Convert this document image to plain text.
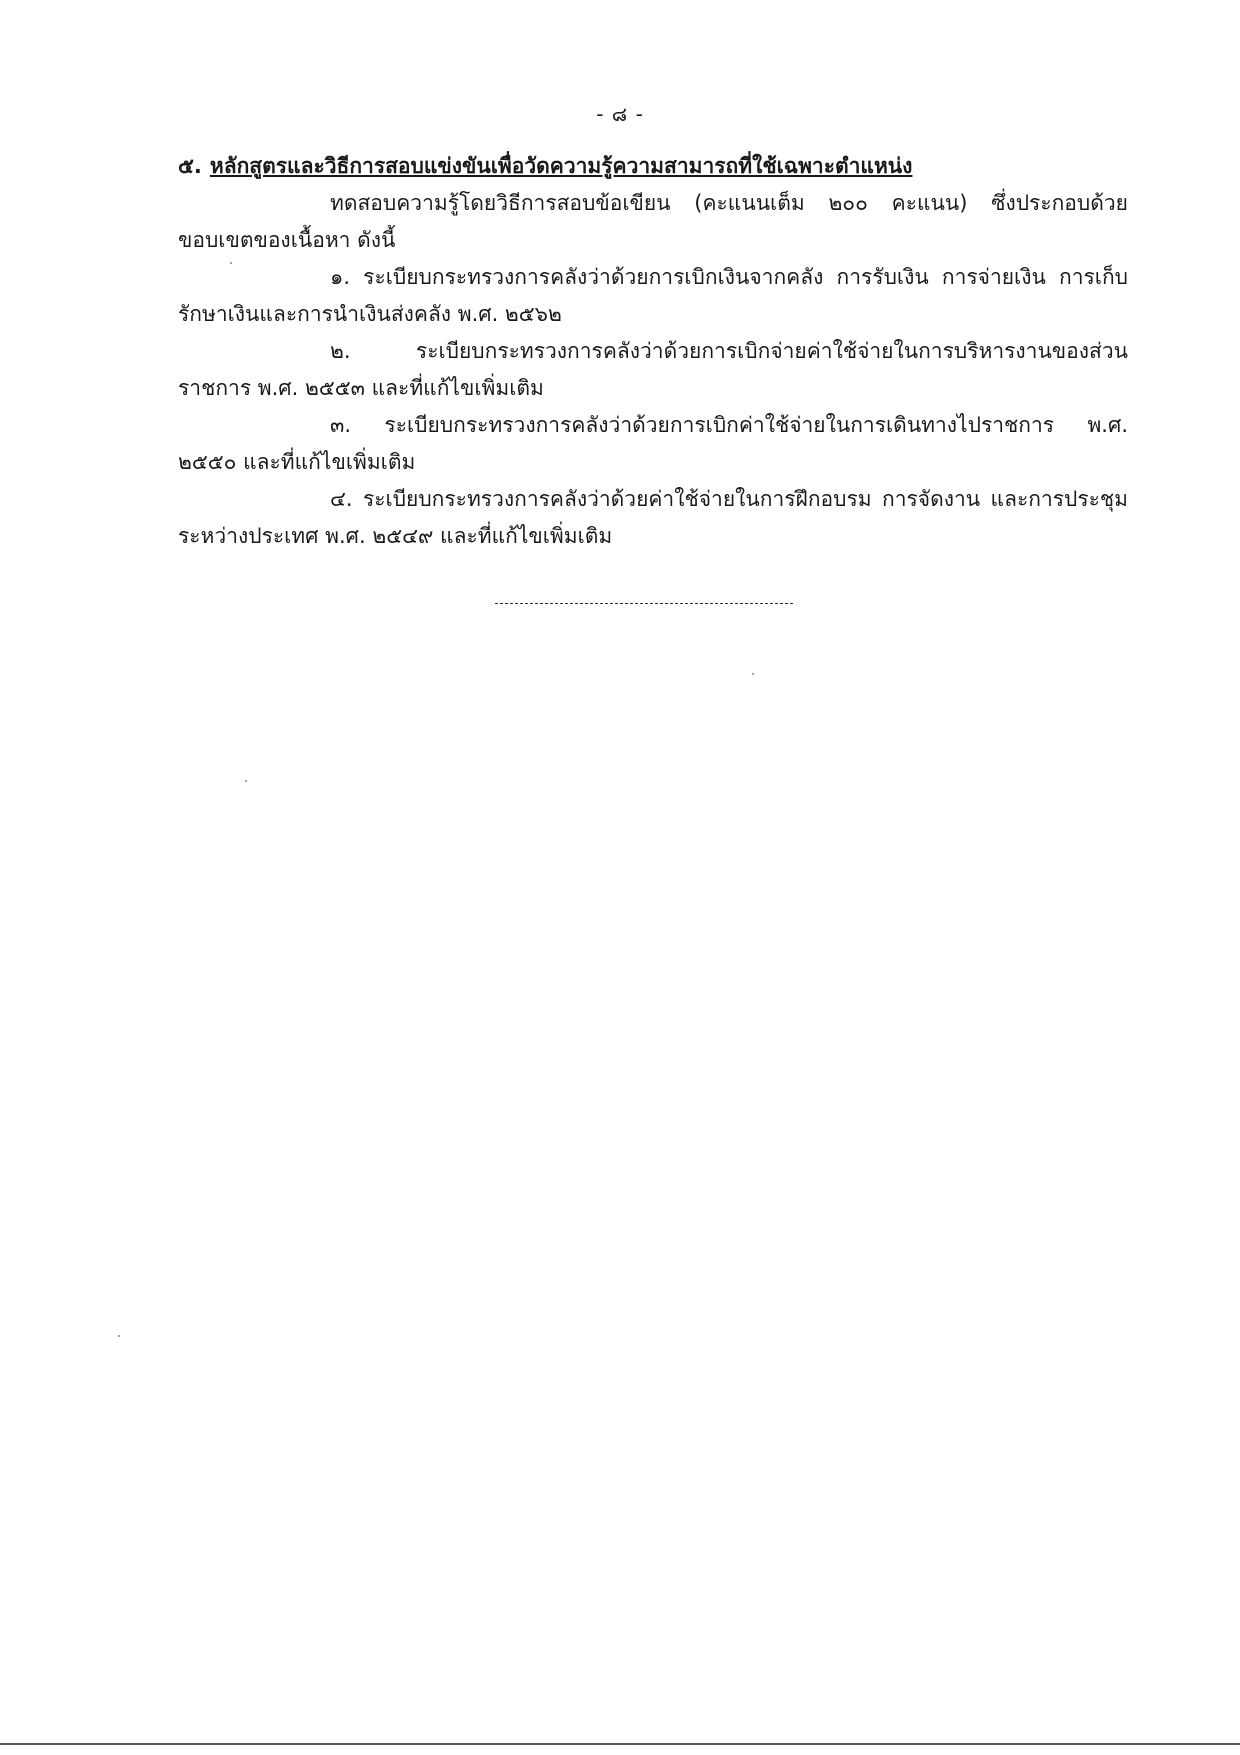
- ๘ -

๕. หลักสูตรและวิธีการสอบแข่งขันเพื่อวัดความรู้ความสามารถที่ใช้เฉพาะตำแหน่ง

ทดสอบความรู้โดยวิธีการสอบข้อเขียน (คะแนนเต็ม ๒๐๐ คะแนน) ซึ่งประกอบด้วยขอบเขตของเนื้อหา ดังนี้

๑. ระเบียบกระทรวงการคลังว่าด้วยการเบิกเงินจากคลัง การรับเงิน การจ่ายเงิน การเก็บรักษาเงินและการนำเงินส่งคลัง พ.ศ. ๒๕๖๒

๒. ระเบียบกระทรวงการคลังว่าด้วยการเบิกจ่ายค่าใช้จ่ายในการบริหารงานของส่วนราชการ พ.ศ. ๒๕๕๓ และที่แก้ไขเพิ่มเติม

๓. ระเบียบกระทรวงการคลังว่าด้วยการเบิกค่าใช้จ่ายในการเดินทางไปราชการ พ.ศ. ๒๕๕๐ และที่แก้ไขเพิ่มเติม

๔. ระเบียบกระทรวงการคลังว่าด้วยค่าใช้จ่ายในการฝึกอบรม การจัดงาน และการประชุมระหว่างประเทศ พ.ศ. ๒๕๔๙ และที่แก้ไขเพิ่มเติม
